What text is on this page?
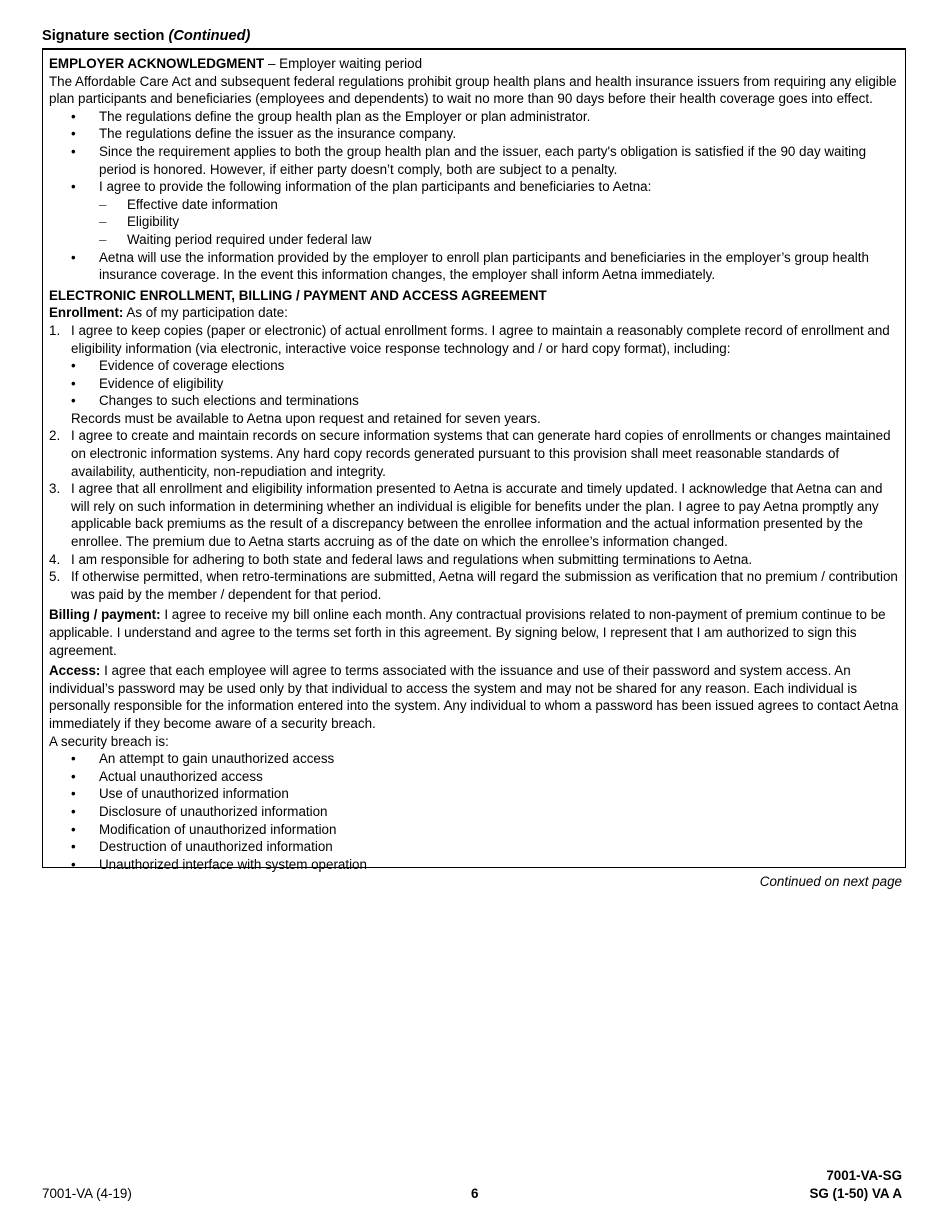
Signature section (Continued)

EMPLOYER ACKNOWLEDGMENT – Employer waiting period

The Affordable Care Act and subsequent federal regulations prohibit group health plans and health insurance issuers from requiring any eligible plan participants and beneficiaries (employees and dependents) to wait no more than 90 days before their health coverage goes into effect.

• The regulations define the group health plan as the Employer or plan administrator.
• The regulations define the issuer as the insurance company.
• Since the requirement applies to both the group health plan and the issuer, each party's obligation is satisfied if the 90 day waiting period is honored. However, if either party doesn’t comply, both are subject to a penalty.
• I agree to provide the following information of the plan participants and beneficiaries to Aetna:
– Effective date information
– Eligibility
– Waiting period required under federal law
• Aetna will use the information provided by the employer to enroll plan participants and beneficiaries in the employer’s group health insurance coverage. In the event this information changes, the employer shall inform Aetna immediately.

ELECTRONIC ENROLLMENT, BILLING / PAYMENT AND ACCESS AGREEMENT

Enrollment: As of my participation date:

1. I agree to keep copies (paper or electronic) of actual enrollment forms. I agree to maintain a reasonably complete record of enrollment and eligibility information (via electronic, interactive voice response technology and / or hard copy format), including:
• Evidence of coverage elections
• Evidence of eligibility
• Changes to such elections and terminations

Records must be available to Aetna upon request and retained for seven years.

2. I agree to create and maintain records on secure information systems that can generate hard copies of enrollments or changes maintained on electronic information systems. Any hard copy records generated pursuant to this provision shall meet reasonable standards of availability, authenticity, non-repudiation and integrity.
3. I agree that all enrollment and eligibility information presented to Aetna is accurate and timely updated. I acknowledge that Aetna can and will rely on such information in determining whether an individual is eligible for benefits under the plan. I agree to pay Aetna promptly any applicable back premiums as the result of a discrepancy between the enrollee information and the actual information presented by the enrollee. The premium due to Aetna starts accruing as of the date on which the enrollee’s information changed.
4. I am responsible for adhering to both state and federal laws and regulations when submitting terminations to Aetna.
5. If otherwise permitted, when retro-terminations are submitted, Aetna will regard the submission as verification that no premium / contribution was paid by the member / dependent for that period.

Billing / payment: I agree to receive my bill online each month. Any contractual provisions related to non-payment of premium continue to be applicable. I understand and agree to the terms set forth in this agreement. By signing below, I represent that I am authorized to sign this agreement.

Access: I agree that each employee will agree to terms associated with the issuance and use of their password and system access. An individual’s password may be used only by that individual to access the system and may not be shared for any reason. Each individual is personally responsible for the information entered into the system. Any individual to whom a password has been issued agrees to contact Aetna immediately if they become aware of a security breach.

A security breach is:

• An attempt to gain unauthorized access
• Actual unauthorized access
• Use of unauthorized information
• Disclosure of unauthorized information
• Modification of unauthorized information
• Destruction of unauthorized information
• Unauthorized interface with system operation
Continued on next page
7001-VA (4-19)	6
7001-VA-SG
SG (1-50) VA A
